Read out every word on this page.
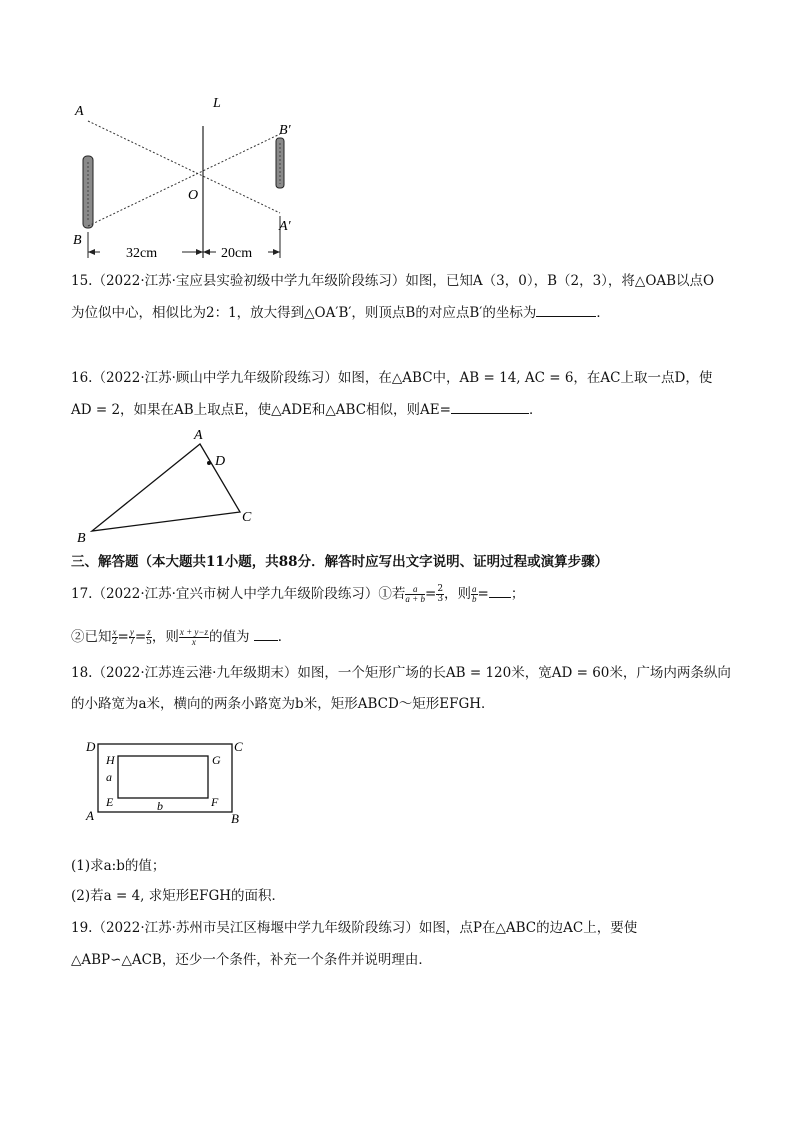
A
B
L
O
B′
A′
32cm	20cm
15.（2022·江苏·宝应县实验初级中学九年级阶段练习）如图，已知A（3，0），B（2，3），将△OAB以点O
为位似中心，相似比为2：1，放大得到△OA′B′，则顶点B的对应点B′的坐标为	．
16.（2022·江苏·顾山中学九年级阶段练习）如图，在△ABC中，AB = 14, AC = 6，在AC上取一点D，使
AD = 2，如果在AB上取点E，使△ADE和△ABC相似，则AE=	．
A
B
C
D
三、解答题（本大题共11小题，共88分．解答时应写出文字说明、证明过程或演算步骤）
17.（2022·江苏·宜兴市树人中学九年级阶段练习）①若 $\frac{a}{a + b} = \frac{2}{3}$ ，则 $\frac{a}{b}$ = ；
②已知 $\frac{x}{2} = \frac{y}{7} = \frac{z}{5}$ ，则 $\frac{x + y-z}{x}$ 的值为 ．
18.（2022·江苏连云港·九年级期末）如图，一个矩形广场的长AB = 120米，宽AD = 60米，广场内两条纵向
的小路宽为a米，横向的两条小路宽为b米，矩形ABCD～矩形EFGH．
D	C
A	B
H	G
E	F
a
b
(1)求a:b的值；
(2)若a = 4, 求矩形EFGH的面积．
19.（2022·江苏·苏州市吴江区梅堰中学九年级阶段练习）如图，点P在△ABC的边AC上，要使
△ABP∽△ACB，还少一个条件，补充一个条件并说明理由．
